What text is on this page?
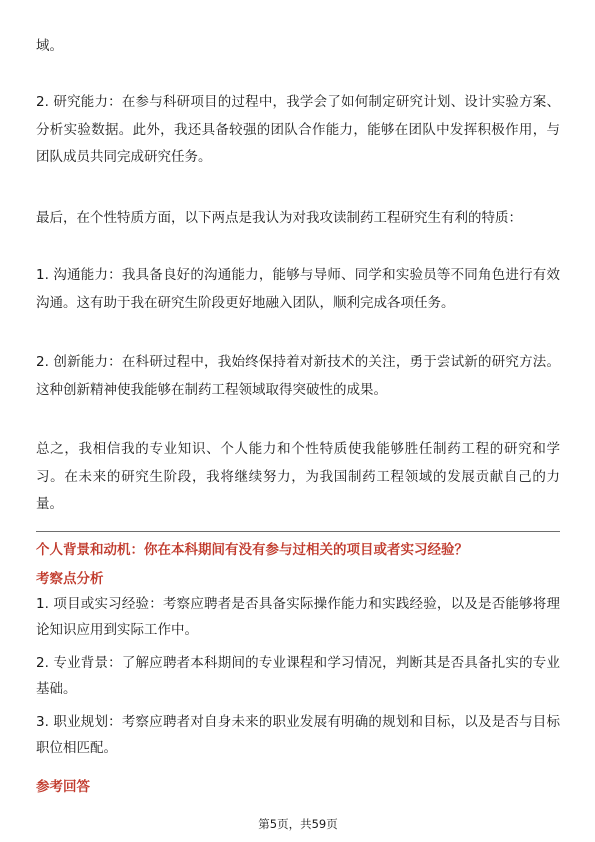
域。

2. 研究能力：在参与科研项目的过程中，我学会了如何制定研究计划、设计实验方案、分析实验数据。此外，我还具备较强的团队合作能力，能够在团队中发挥积极作用，与团队成员共同完成研究任务。

最后，在个性特质方面，以下两点是我认为对我攻读制药工程研究生有利的特质：

1. 沟通能力：我具备良好的沟通能力，能够与导师、同学和实验员等不同角色进行有效沟通。这有助于我在研究生阶段更好地融入团队，顺利完成各项任务。

2. 创新能力：在科研过程中，我始终保持着对新技术的关注，勇于尝试新的研究方法。这种创新精神使我能够在制药工程领域取得突破性的成果。

总之，我相信我的专业知识、个人能力和个性特质使我能够胜任制药工程的研究和学习。在未来的研究生阶段，我将继续努力，为我国制药工程领域的发展贡献自己的力量。

个人背景和动机：你在本科期间有没有参与过相关的项目或者实习经验？

考察点分析

1. 项目或实习经验：考察应聘者是否具备实际操作能力和实践经验，以及是否能够将理论知识应用到实际工作中。

2. 专业背景：了解应聘者本科期间的专业课程和学习情况，判断其是否具备扎实的专业基础。

3. 职业规划：考察应聘者对自身未来的职业发展有明确的规划和目标，以及是否与目标职位相匹配。

参考回答

第5页，共59页
